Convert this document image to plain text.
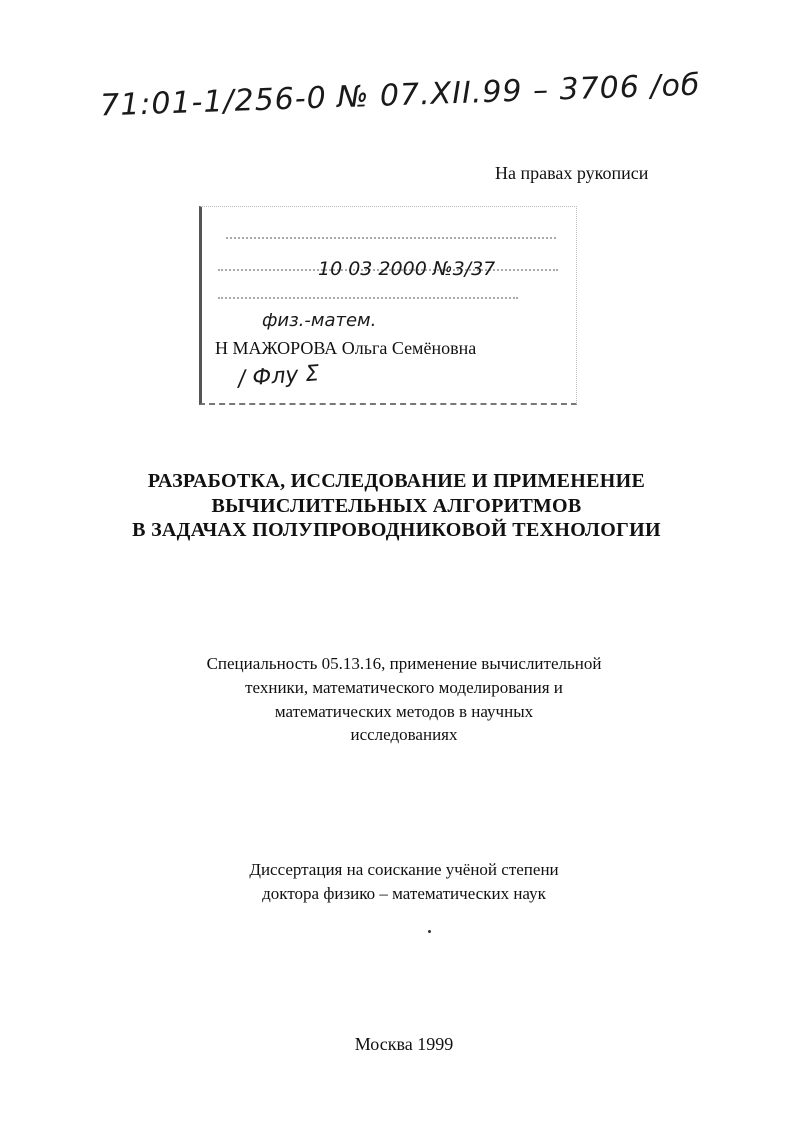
71:01-1/256-0 № 07.XII.99 – 3706 /об
На правах рукописи
10 03 2000 №3/37
физ.-матем.
Н МАЖОРОВА Ольга Семёновна
/ Флу Σ
РАЗРАБОТКА, ИССЛЕДОВАНИЕ И ПРИМЕНЕНИЕ
ВЫЧИСЛИТЕЛЬНЫХ АЛГОРИТМОВ
В ЗАДАЧАХ ПОЛУПРОВОДНИКОВОЙ ТЕХНОЛОГИИ
Специальность 05.13.16, применение вычислительной
техники, математического моделирования и
математических методов в научных
исследованиях
Диссертация на соискание учёной степени
доктора физико – математических наук
Москва 1999
